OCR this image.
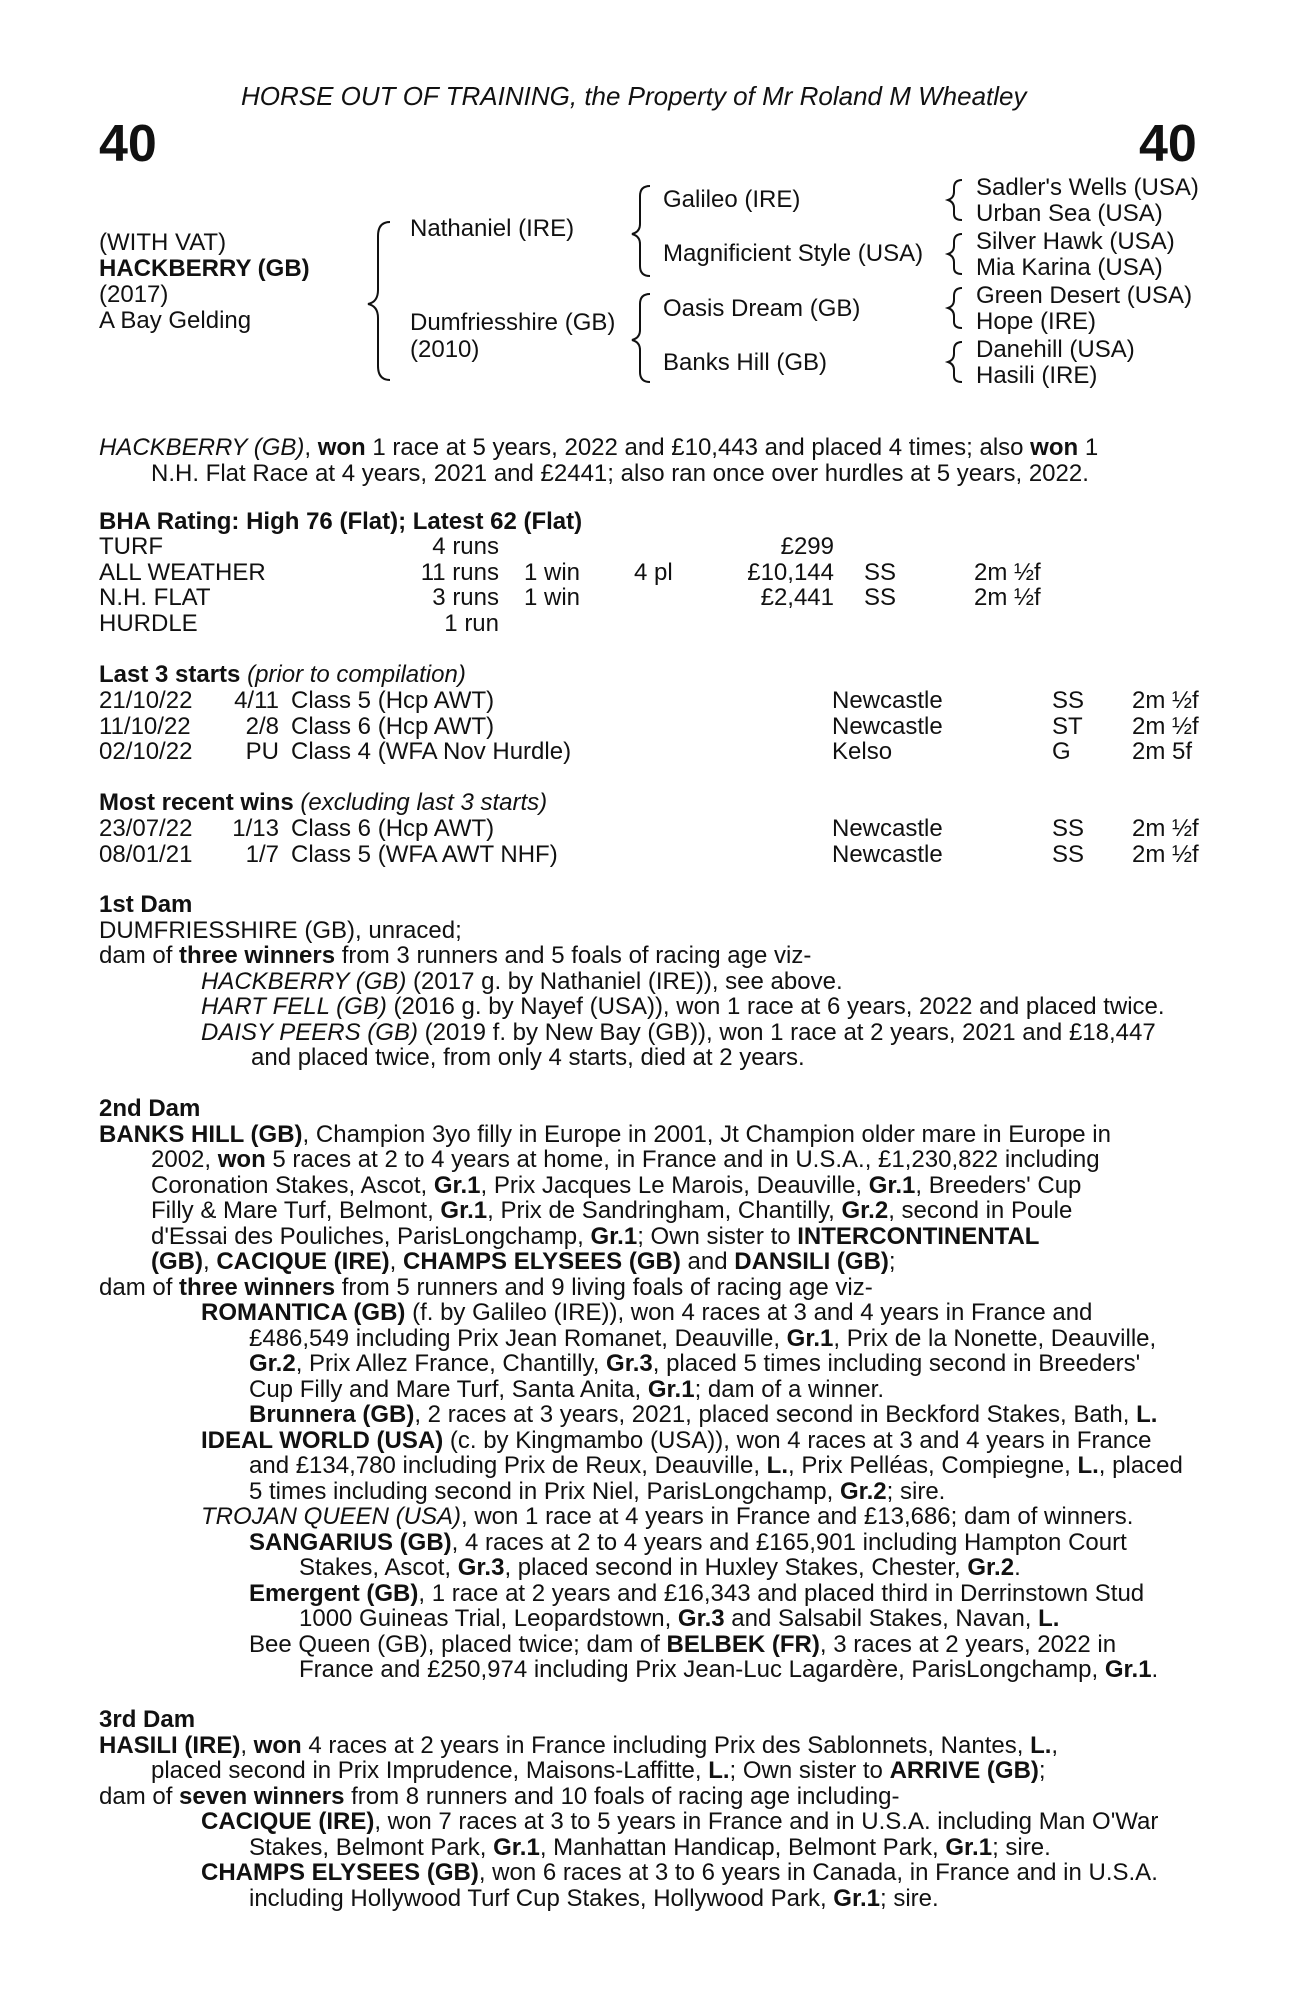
HORSE OUT OF TRAINING, the Property of Mr Roland M Wheatley
40	40
(WITH VAT)
HACKBERRY (GB)
(2017)
A Bay Gelding
Nathaniel (IRE)
Dumfriesshire (GB)
(2010)
Galileo (IRE)
Magnificient Style (USA)
Oasis Dream (GB)
Banks Hill (GB)
Sadler's Wells (USA)
Urban Sea (USA)
Silver Hawk (USA)
Mia Karina (USA)
Green Desert (USA)
Hope (IRE)
Danehill (USA)
Hasili (IRE)
HACKBERRY (GB), won 1 race at 5 years, 2022 and £10,443 and placed 4 times; also won 1
N.H. Flat Race at 4 years, 2021 and £2441; also ran once over hurdles at 5 years, 2022.
BHA Rating: High 76 (Flat); Latest 62 (Flat)
TURF	4 runs			£299		
ALL WEATHER	11 runs	1 win	4 pl	£10,144	SS	2m ½f
N.H. FLAT	3 runs	1 win		£2,441	SS	2m ½f
HURDLE	1 run					
Last 3 starts (prior to compilation)
21/10/22	4/11	Class 5 (Hcp AWT)	Newcastle	SS	2m ½f
11/10/22	2/8	Class 6 (Hcp AWT)	Newcastle	ST	2m ½f
02/10/22	PU	Class 4 (WFA Nov Hurdle)	Kelso	G	2m 5f
Most recent wins (excluding last 3 starts)
23/07/22	1/13	Class 6 (Hcp AWT)	Newcastle	SS	2m ½f
08/01/21	1/7	Class 5 (WFA AWT NHF)	Newcastle	SS	2m ½f
1st Dam
DUMFRIESSHIRE (GB), unraced;
dam of three winners from 3 runners and 5 foals of racing age viz-
HACKBERRY (GB) (2017 g. by Nathaniel (IRE)), see above.
HART FELL (GB) (2016 g. by Nayef (USA)), won 1 race at 6 years, 2022 and placed twice.
DAISY PEERS (GB) (2019 f. by New Bay (GB)), won 1 race at 2 years, 2021 and £18,447
and placed twice, from only 4 starts, died at 2 years.
2nd Dam
BANKS HILL (GB), Champion 3yo filly in Europe in 2001, Jt Champion older mare in Europe in
2002, won 5 races at 2 to 4 years at home, in France and in U.S.A., £1,230,822 including
Coronation Stakes, Ascot, Gr.1, Prix Jacques Le Marois, Deauville, Gr.1, Breeders' Cup
Filly & Mare Turf, Belmont, Gr.1, Prix de Sandringham, Chantilly, Gr.2, second in Poule
d'Essai des Pouliches, ParisLongchamp, Gr.1; Own sister to INTERCONTINENTAL
(GB), CACIQUE (IRE), CHAMPS ELYSEES (GB) and DANSILI (GB);
dam of three winners from 5 runners and 9 living foals of racing age viz-
ROMANTICA (GB) (f. by Galileo (IRE)), won 4 races at 3 and 4 years in France and
£486,549 including Prix Jean Romanet, Deauville, Gr.1, Prix de la Nonette, Deauville,
Gr.2, Prix Allez France, Chantilly, Gr.3, placed 5 times including second in Breeders'
Cup Filly and Mare Turf, Santa Anita, Gr.1; dam of a winner.
Brunnera (GB), 2 races at 3 years, 2021, placed second in Beckford Stakes, Bath, L.
IDEAL WORLD (USA) (c. by Kingmambo (USA)), won 4 races at 3 and 4 years in France
and £134,780 including Prix de Reux, Deauville, L., Prix Pelléas, Compiegne, L., placed
5 times including second in Prix Niel, ParisLongchamp, Gr.2; sire.
TROJAN QUEEN (USA), won 1 race at 4 years in France and £13,686; dam of winners.
SANGARIUS (GB), 4 races at 2 to 4 years and £165,901 including Hampton Court
Stakes, Ascot, Gr.3, placed second in Huxley Stakes, Chester, Gr.2.
Emergent (GB), 1 race at 2 years and £16,343 and placed third in Derrinstown Stud
1000 Guineas Trial, Leopardstown, Gr.3 and Salsabil Stakes, Navan, L.
Bee Queen (GB), placed twice; dam of BELBEK (FR), 3 races at 2 years, 2022 in
France and £250,974 including Prix Jean-Luc Lagardère, ParisLongchamp, Gr.1.
3rd Dam
HASILI (IRE), won 4 races at 2 years in France including Prix des Sablonnets, Nantes, L.,
placed second in Prix Imprudence, Maisons-Laffitte, L.; Own sister to ARRIVE (GB);
dam of seven winners from 8 runners and 10 foals of racing age including-
CACIQUE (IRE), won 7 races at 3 to 5 years in France and in U.S.A. including Man O'War
Stakes, Belmont Park, Gr.1, Manhattan Handicap, Belmont Park, Gr.1; sire.
CHAMPS ELYSEES (GB), won 6 races at 3 to 6 years in Canada, in France and in U.S.A.
including Hollywood Turf Cup Stakes, Hollywood Park, Gr.1; sire.
